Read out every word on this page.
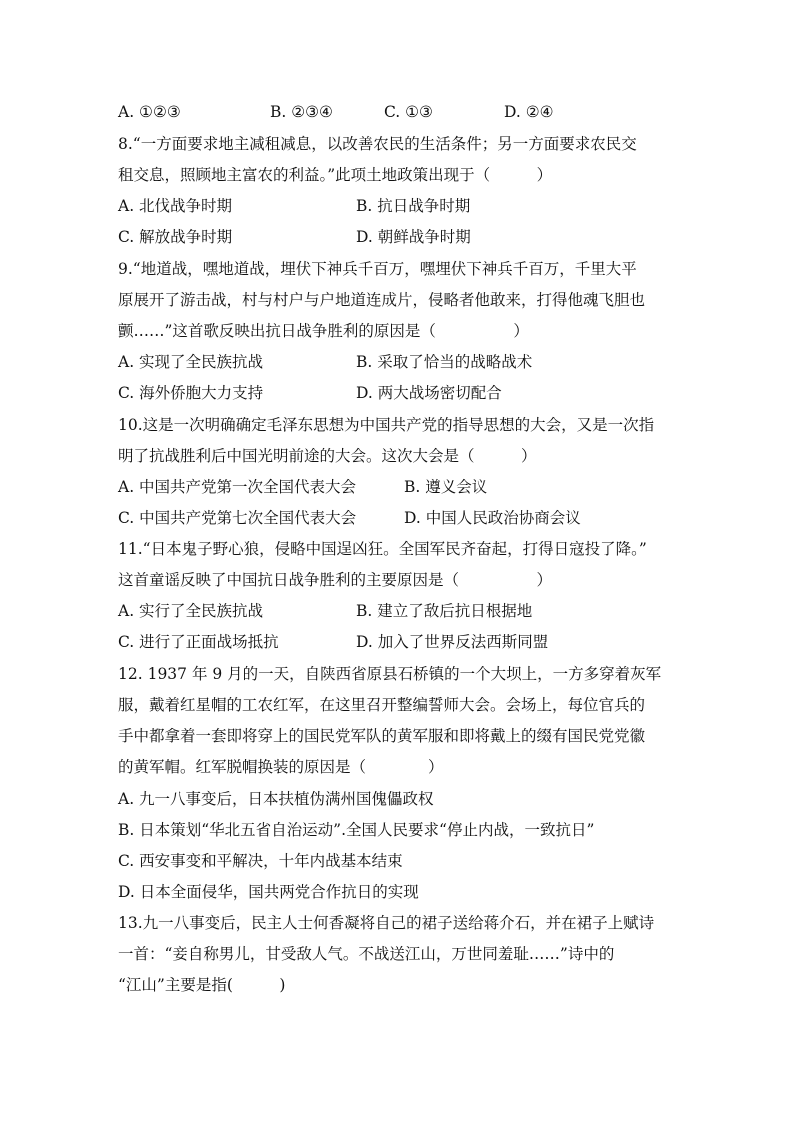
A. ①②③	B. ②③④	C. ①③	D. ②④
8.“一方面要求地主减租减息，以改善农民的生活条件；另一方面要求农民交
租交息，照顾地主富农的利益。”此项土地政策出现于（　　　）
A. 北伐战争时期	B. 抗日战争时期
C. 解放战争时期	D. 朝鲜战争时期
9.“地道战，嘿地道战，埋伏下神兵千百万，嘿埋伏下神兵千百万，千里大平
原展开了游击战，村与村户与户地道连成片，侵略者他敢来，打得他魂飞胆也
颤……”这首歌反映出抗日战争胜利的原因是（　　　　　）
A. 实现了全民族抗战	B. 采取了恰当的战略战术
C. 海外侨胞大力支持	D. 两大战场密切配合
10.这是一次明确确定毛泽东思想为中国共产党的指导思想的大会，又是一次指
明了抗战胜利后中国光明前途的大会。这次大会是（　　　）
A. 中国共产党第一次全国代表大会	B. 遵义会议
C. 中国共产党第七次全国代表大会	D. 中国人民政治协商会议
11.“日本鬼子野心狼，侵略中国逞凶狂。全国军民齐奋起，打得日寇投了降。”
这首童谣反映了中国抗日战争胜利的主要原因是（　　　　　）
A. 实行了全民族抗战	B. 建立了敌后抗日根据地
C. 进行了正面战场抵抗	D. 加入了世界反法西斯同盟
12. 1937 年 9 月的一天，自陕西省原县石桥镇的一个大坝上，一方多穿着灰军
服，戴着红星帽的工农红军，在这里召开整编誓师大会。会场上，每位官兵的
手中都拿着一套即将穿上的国民党军队的黄军服和即将戴上的缀有国民党党徽
的黄军帽。红军脱帽换装的原因是（　　　　）
A. 九一八事变后，日本扶植伪满州国傀儡政权
B. 日本策划“华北五省自治运动”.全国人民要求“停止内战，一致抗日”
C. 西安事变和平解决，十年内战基本结束
D. 日本全面侵华，国共两党合作抗日的实现
13.九一八事变后，民主人士何香凝将自己的裙子送给蒋介石，并在裙子上赋诗
一首：“妾自称男儿，甘受敌人气。不战送江山，万世同羞耻……”诗中的
“江山”主要是指(　　　)
